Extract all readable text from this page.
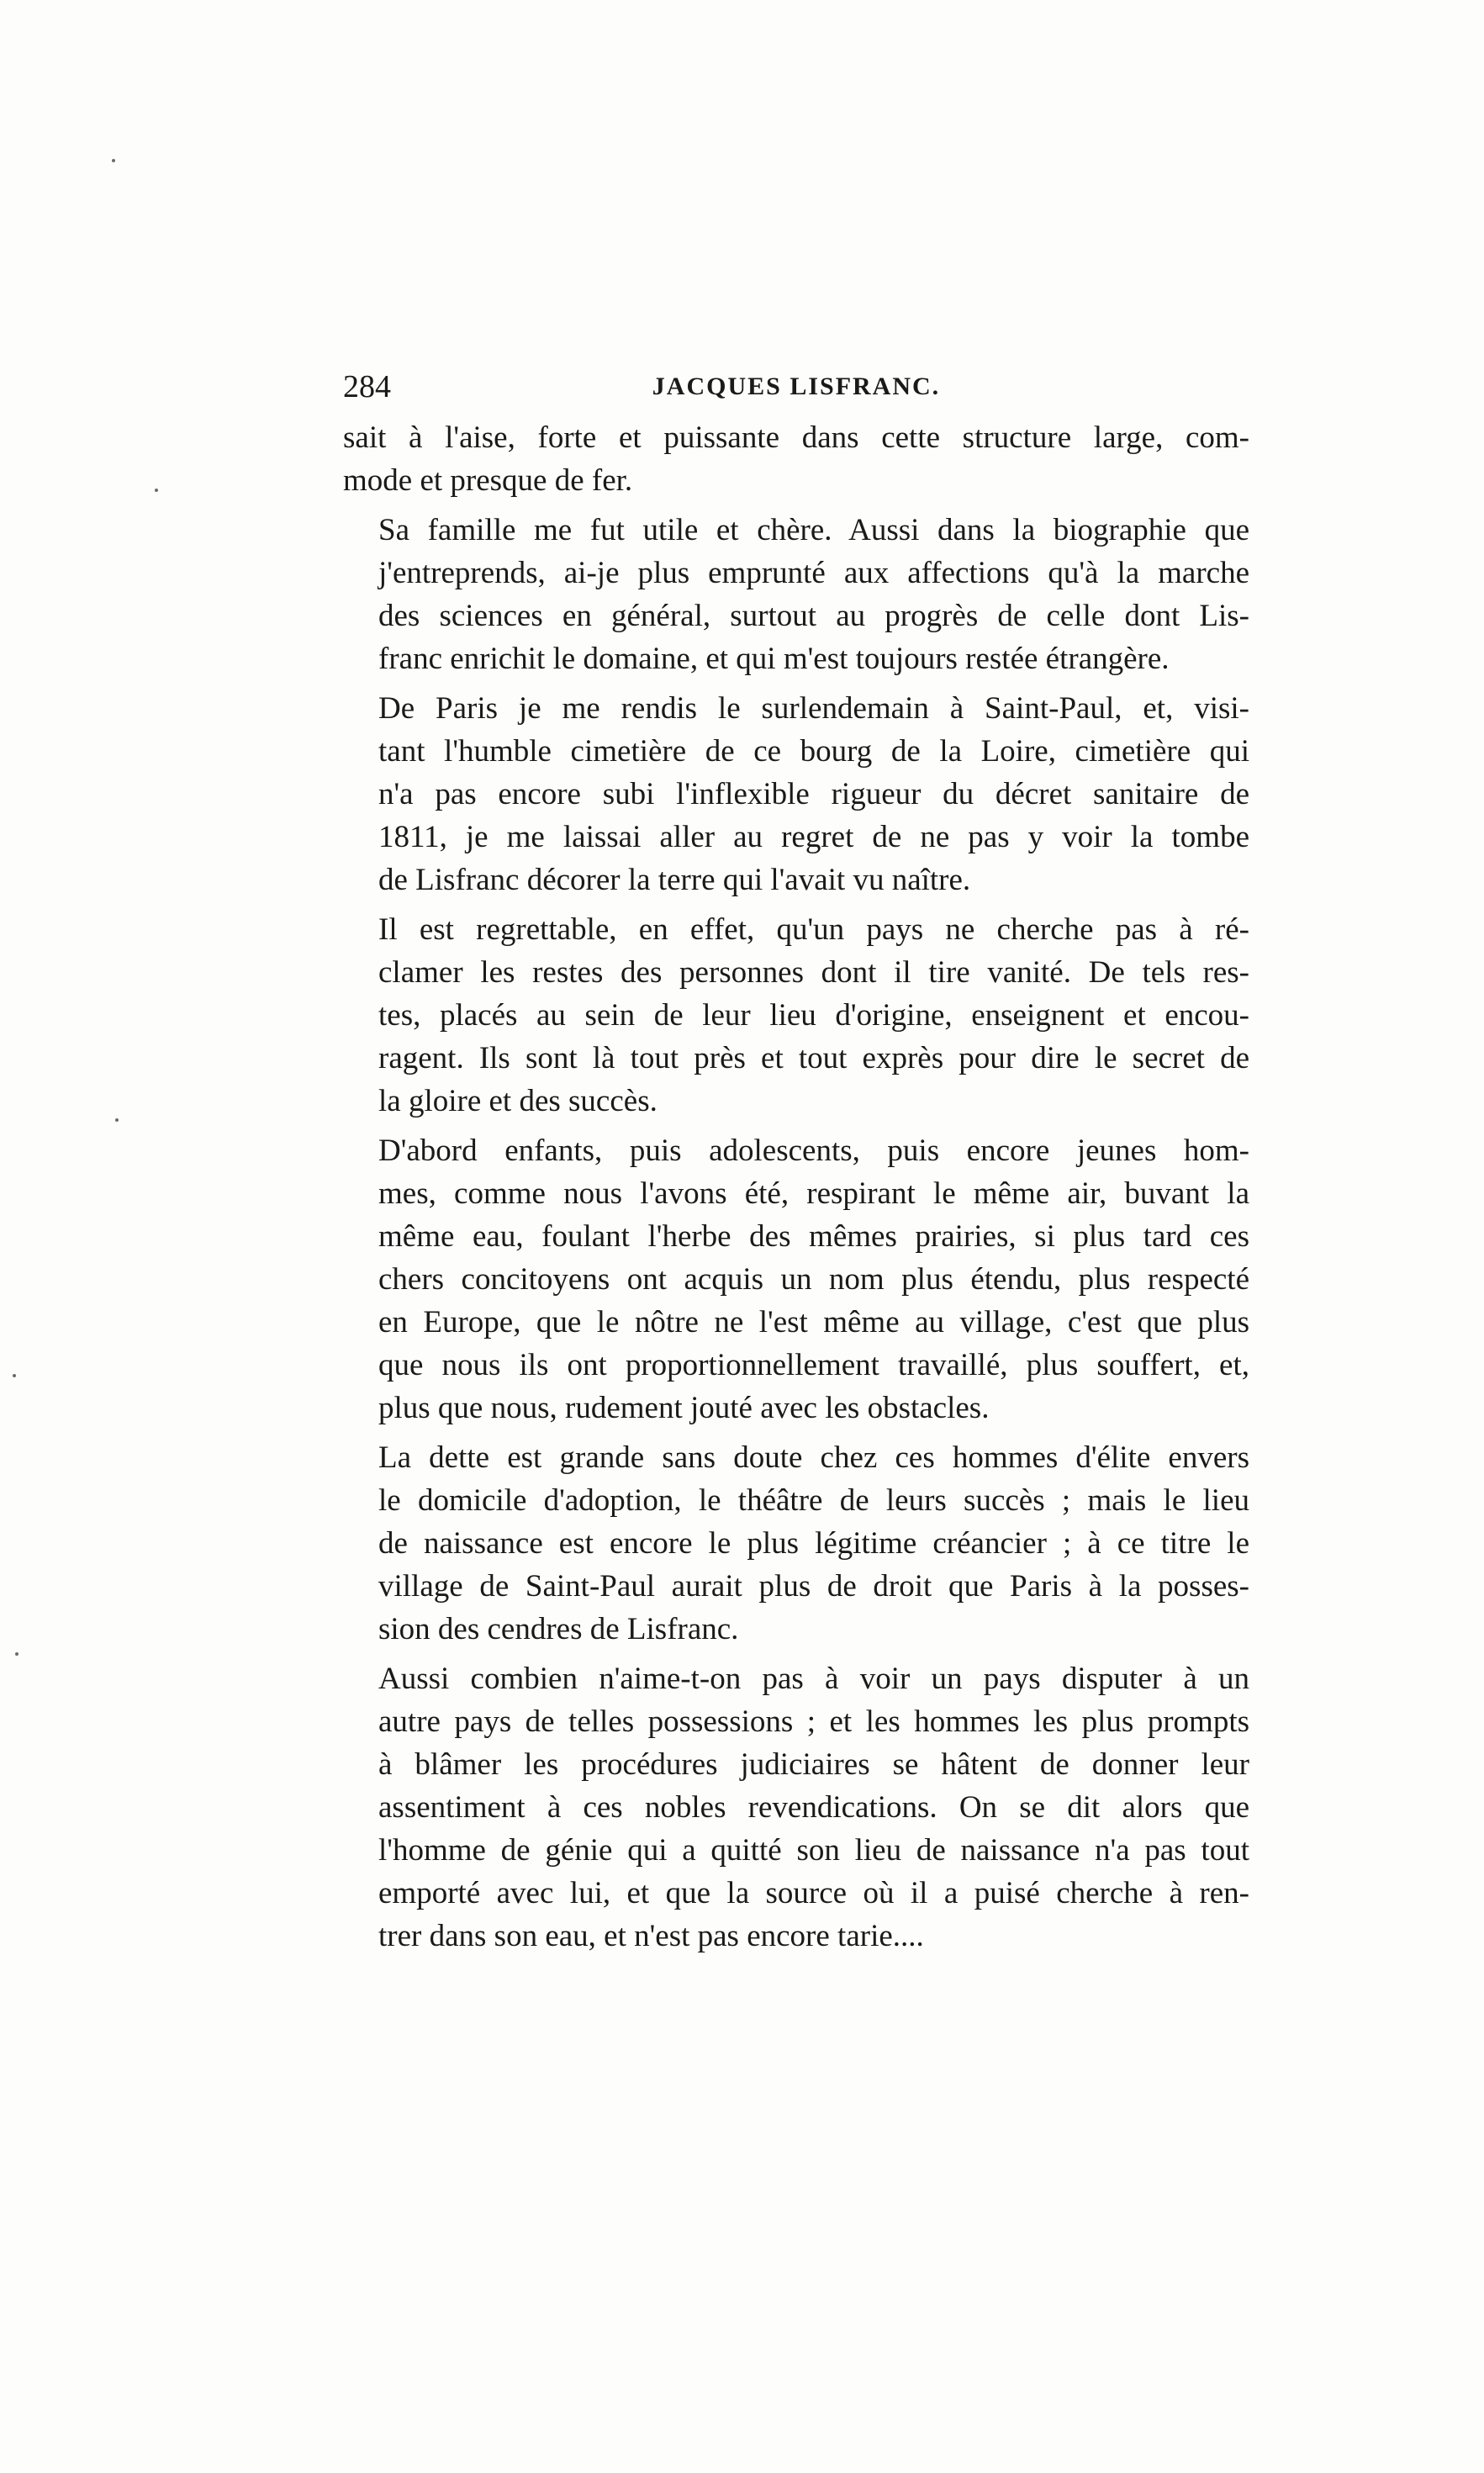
284	JACQUES LISFRANC.

sait à l'aise, forte et puissante dans cette structure large, com-
mode et presque de fer.

Sa famille me fut utile et chère. Aussi dans la biographie que
j'entreprends, ai-je plus emprunté aux affections qu'à la marche
des sciences en général, surtout au progrès de celle dont Lis-
franc enrichit le domaine, et qui m'est toujours restée étrangère.

De Paris je me rendis le surlendemain à Saint-Paul, et, visi-
tant l'humble cimetière de ce bourg de la Loire, cimetière qui
n'a pas encore subi l'inflexible rigueur du décret sanitaire de
1811, je me laissai aller au regret de ne pas y voir la tombe
de Lisfranc décorer la terre qui l'avait vu naître.

Il est regrettable, en effet, qu'un pays ne cherche pas à ré-
clamer les restes des personnes dont il tire vanité. De tels res-
tes, placés au sein de leur lieu d'origine, enseignent et encou-
ragent. Ils sont là tout près et tout exprès pour dire le secret de
la gloire et des succès.

D'abord enfants, puis adolescents, puis encore jeunes hom-
mes, comme nous l'avons été, respirant le même air, buvant la
même eau, foulant l'herbe des mêmes prairies, si plus tard ces
chers concitoyens ont acquis un nom plus étendu, plus respecté
en Europe, que le nôtre ne l'est même au village, c'est que plus
que nous ils ont proportionnellement travaillé, plus souffert, et,
plus que nous, rudement jouté avec les obstacles.

La dette est grande sans doute chez ces hommes d'élite envers
le domicile d'adoption, le théâtre de leurs succès ; mais le lieu
de naissance est encore le plus légitime créancier ; à ce titre le
village de Saint-Paul aurait plus de droit que Paris à la posses-
sion des cendres de Lisfranc.

Aussi combien n'aime-t-on pas à voir un pays disputer à un
autre pays de telles possessions ; et les hommes les plus prompts
à blâmer les procédures judiciaires se hâtent de donner leur
assentiment à ces nobles revendications. On se dit alors que
l'homme de génie qui a quitté son lieu de naissance n'a pas tout
emporté avec lui, et que la source où il a puisé cherche à ren-
trer dans son eau, et n'est pas encore tarie....
